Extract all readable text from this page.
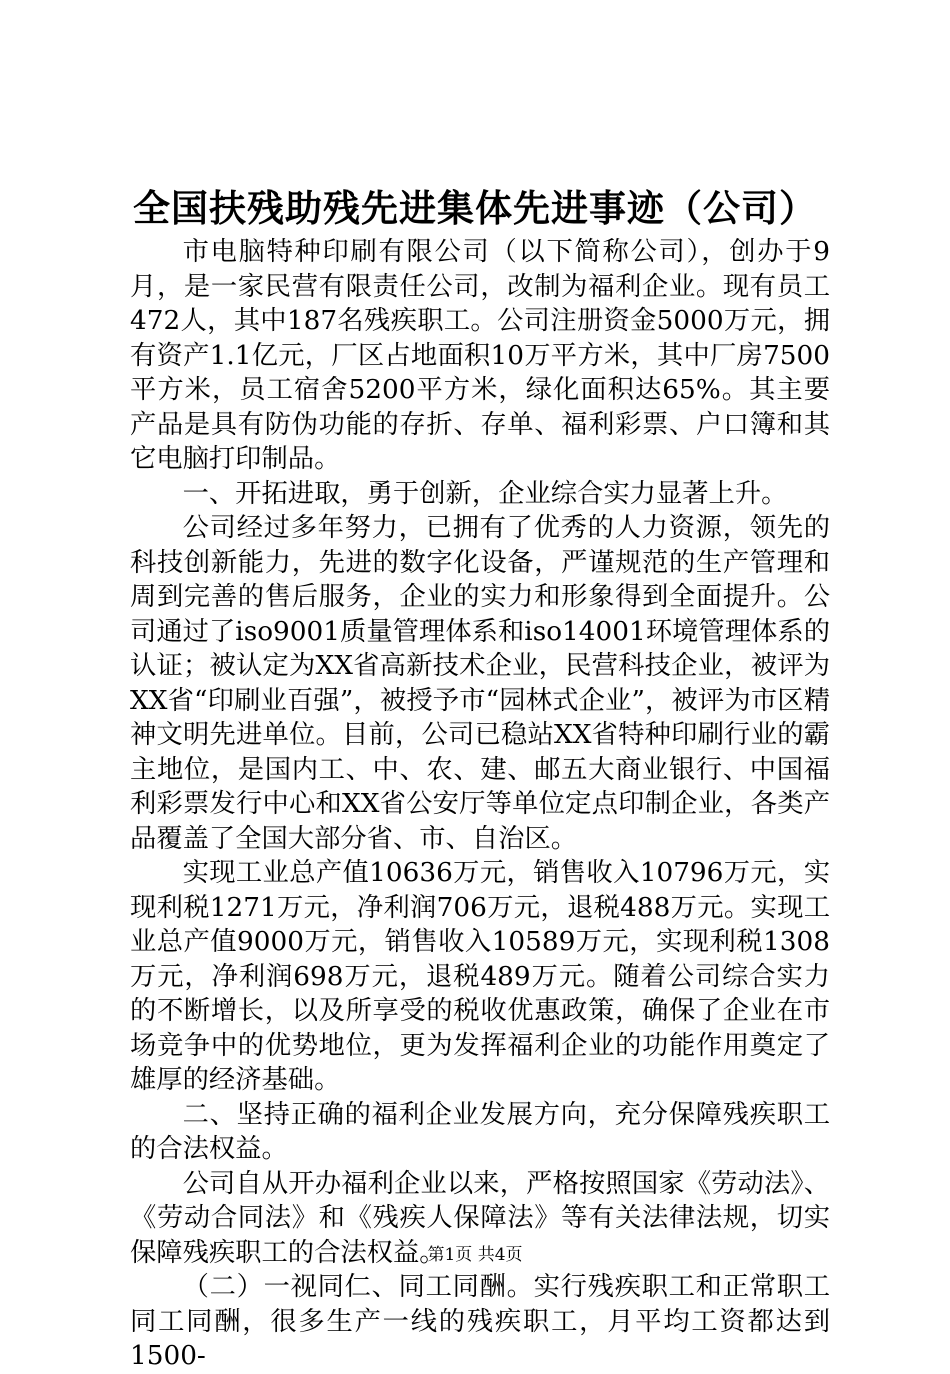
全国扶残助残先进集体先进事迹（公司）

市电脑特种印刷有限公司（以下简称公司），创办于9月，是一家民营有限责任公司，改制为福利企业。现有员工472人，其中187名残疾职工。公司注册资金5000万元，拥有资产1.1亿元，厂区占地面积10万平方米，其中厂房7500平方米，员工宿舍5200平方米，绿化面积达65%。其主要产品是具有防伪功能的存折、存单、福利彩票、户口簿和其它电脑打印制品。

一、开拓进取，勇于创新，企业综合实力显著上升。

公司经过多年努力，已拥有了优秀的人力资源，领先的科技创新能力，先进的数字化设备，严谨规范的生产管理和周到完善的售后服务，企业的实力和形象得到全面提升。公司通过了iso9001质量管理体系和iso14001环境管理体系的认证；被认定为XX省高新技术企业，民营科技企业，被评为XX省“印刷业百强”，被授予市“园林式企业”，被评为市区精神文明先进单位。目前，公司已稳站XX省特种印刷行业的霸主地位，是国内工、中、农、建、邮五大商业银行、中国福利彩票发行中心和XX省公安厅等单位定点印制企业，各类产品覆盖了全国大部分省、市、自治区。

实现工业总产值10636万元，销售收入10796万元，实现利税1271万元，净利润706万元，退税488万元。实现工业总产值9000万元，销售收入10589万元，实现利税1308万元，净利润698万元，退税489万元。随着公司综合实力的不断增长，以及所享受的税收优惠政策，确保了企业在市场竞争中的优势地位，更为发挥福利企业的功能作用奠定了雄厚的经济基础。

二、坚持正确的福利企业发展方向，充分保障残疾职工的合法权益。

公司自从开办福利企业以来，严格按照国家《劳动法》、《劳动合同法》和《残疾人保障法》等有关法律法规，切实保障残疾职工的合法权益。

（二）一视同仁、同工同酬。实行残疾职工和正常职工同工同酬，很多生产一线的残疾职工，月平均工资都达到1500-

第1页 共4页
